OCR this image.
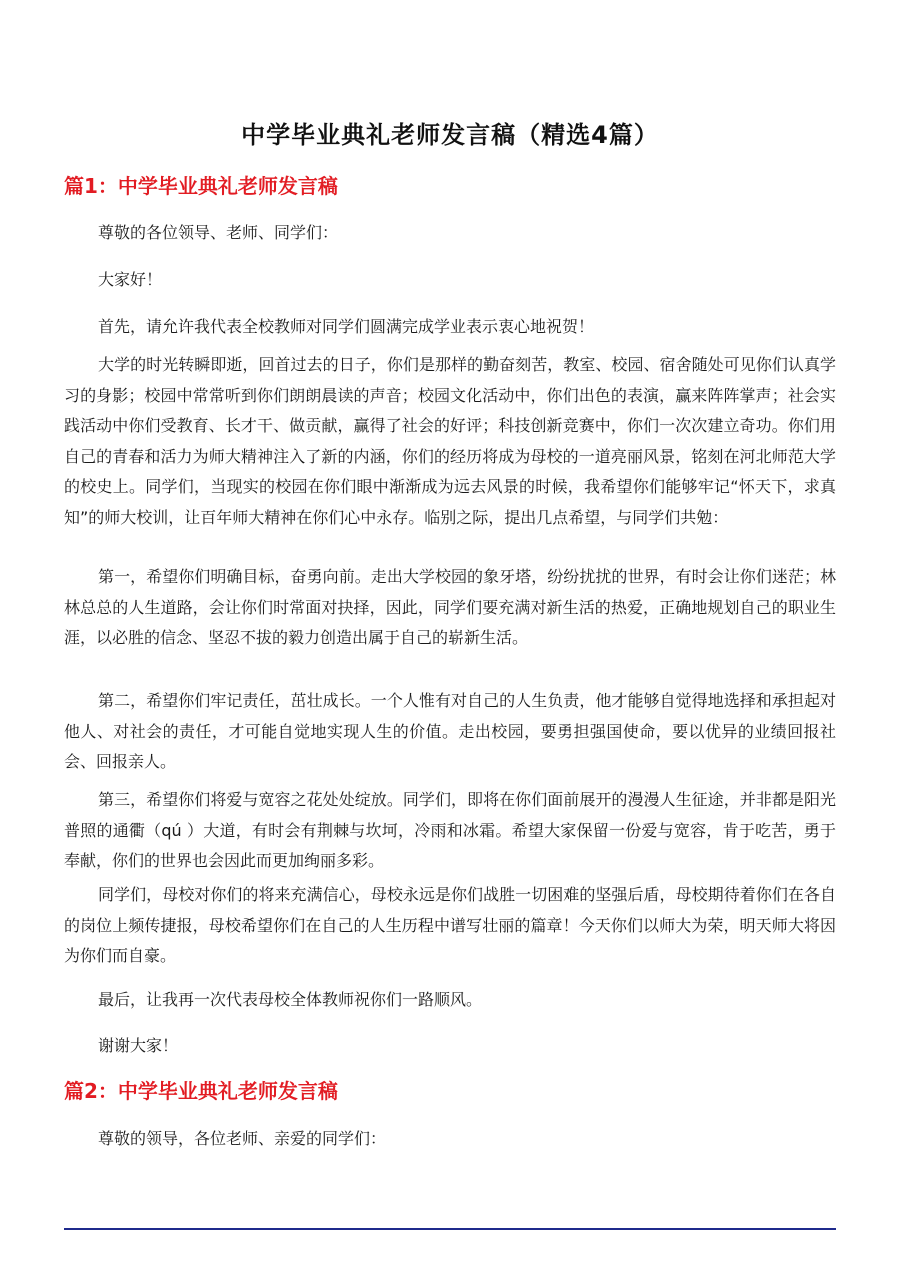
中学毕业典礼老师发言稿（精选4篇）
篇1：中学毕业典礼老师发言稿

尊敬的各位领导、老师、同学们：

大家好！

首先，请允许我代表全校教师对同学们圆满完成学业表示衷心地祝贺！

大学的时光转瞬即逝，回首过去的日子，你们是那样的勤奋刻苦，教室、校园、宿舍随处可见你们认真学习的身影；校园中常常听到你们朗朗晨读的声音；校园文化活动中，你们出色的表演，赢来阵阵掌声；社会实践活动中你们受教育、长才干、做贡献，赢得了社会的好评；科技创新竞赛中，你们一次次建立奇功。你们用自己的青春和活力为师大精神注入了新的内涵，你们的经历将成为母校的一道亮丽风景，铭刻在河北师范大学的校史上。同学们，当现实的校园在你们眼中渐渐成为远去风景的时候，我希望你们能够牢记“怀天下，求真知”的师大校训，让百年师大精神在你们心中永存。临别之际，提出几点希望，与同学们共勉：

第一，希望你们明确目标，奋勇向前。走出大学校园的象牙塔，纷纷扰扰的世界，有时会让你们迷茫；林林总总的人生道路，会让你们时常面对抉择，因此，同学们要充满对新生活的热爱，正确地规划自己的职业生涯，以必胜的信念、坚忍不拔的毅力创造出属于自己的崭新生活。

第二，希望你们牢记责任，茁壮成长。一个人惟有对自己的人生负责，他才能够自觉得地选择和承担起对他人、对社会的责任，才可能自觉地实现人生的价值。走出校园，要勇担强国使命，要以优异的业绩回报社会、回报亲人。

第三，希望你们将爱与宽容之花处处绽放。同学们，即将在你们面前展开的漫漫人生征途，并非都是阳光普照的通衢（qú ）大道，有时会有荆棘与坎坷，冷雨和冰霜。希望大家保留一份爱与宽容，肯于吃苦，勇于奉献，你们的世界也会因此而更加绚丽多彩。

同学们，母校对你们的将来充满信心，母校永远是你们战胜一切困难的坚强后盾，母校期待着你们在各自的岗位上频传捷报，母校希望你们在自己的人生历程中谱写壮丽的篇章！今天你们以师大为荣，明天师大将因为你们而自豪。

最后，让我再一次代表母校全体教师祝你们一路顺风。

谢谢大家！

篇2：中学毕业典礼老师发言稿

尊敬的领导，各位老师、亲爱的同学们：
